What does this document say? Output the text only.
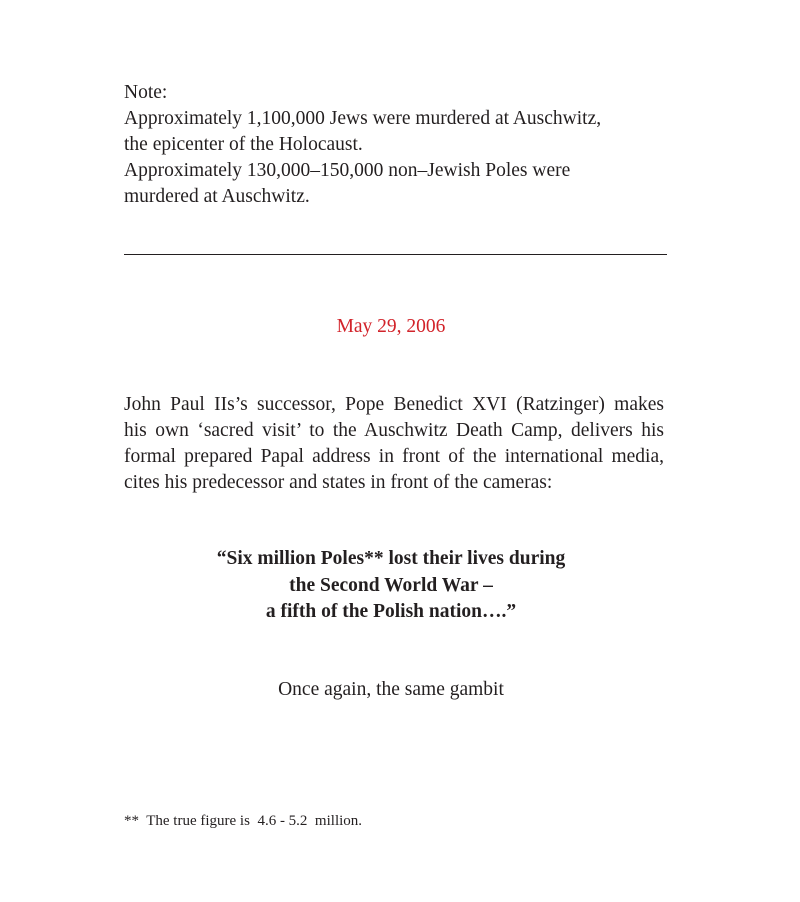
Note:
Approximately 1,100,000 Jews were murdered at Auschwitz,
the epicenter of the Holocaust.
Approximately 130,000–150,000 non–Jewish Poles were
murdered at Auschwitz.
May 29, 2006
John Paul IIs’s successor, Pope Benedict XVI (Ratzinger) makes
his own ‘sacred visit’ to the Auschwitz Death Camp, delivers his
formal prepared Papal address in front of the international media,
cites his predecessor and states in front of the cameras:
“Six million Poles** lost their lives during
the Second World War –
a fifth of the Polish nation….”
Once again, the same gambit
**  The true figure is  4.6 - 5.2  million.
